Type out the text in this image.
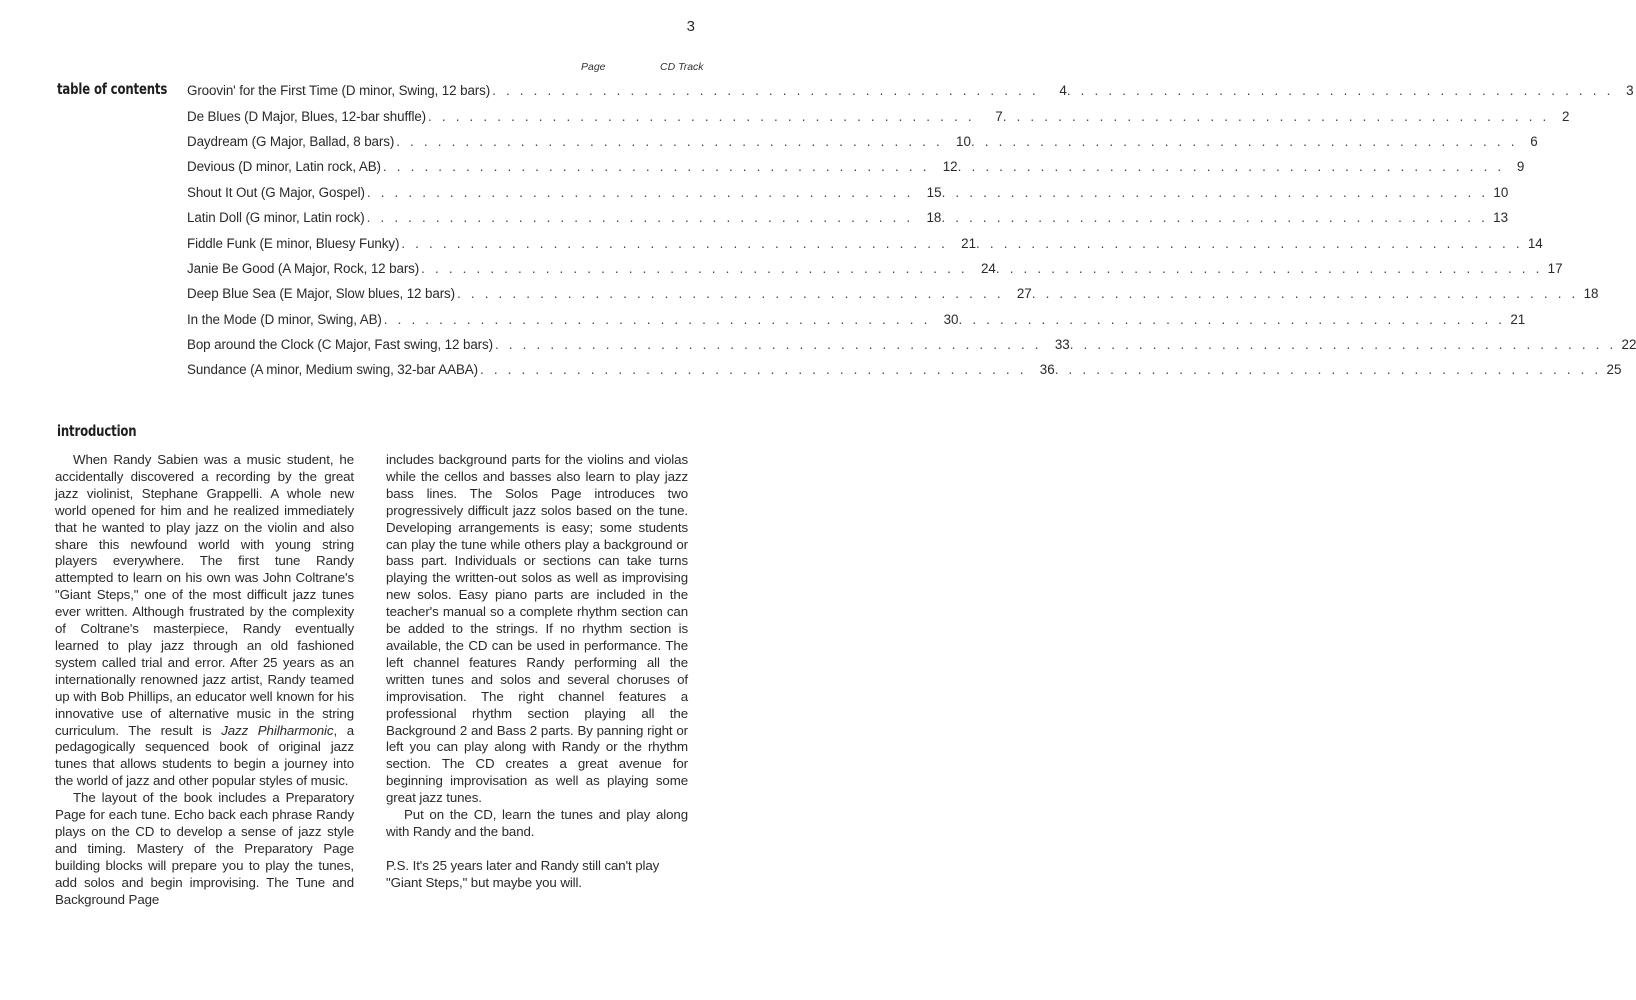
3
Page	CD Track
table of contents Groovin' for the First Time (D minor, Swing, 12 bars) . . . . . . . . . . . . . . . . . . . . . . . . . . . . . . . . . . . . . . . .	4 . . . . . . . . . . . . . . . . . . . . . . . . . . . . . . . . . . . . . . . . 3
De Blues (D Major, Blues, 12-bar shuffle) . . . . . . . . . . . . . . . . . . . . . . . . . . . . . . . . . . . . . . . .	7 . . . . . . . . . . . . . . . . . . . . . . . . . . . . . . . . . . . . . . . . 2
Daydream (G Major, Ballad, 8 bars) . . . . . . . . . . . . . . . . . . . . . . . . . . . . . . . . . . . . . . . . 10 . . . . . . . . . . . . . . . . . . . . . . . . . . . . . . . . . . . . . . . . 6
Devious (D minor, Latin rock, AB) . . . . . . . . . . . . . . . . . . . . . . . . . . . . . . . . . . . . . . . . 12 . . . . . . . . . . . . . . . . . . . . . . . . . . . . . . . . . . . . . . . . 9
Shout It Out (G Major, Gospel) . . . . . . . . . . . . . . . . . . . . . . . . . . . . . . . . . . . . . . . . 15 . . . . . . . . . . . . . . . . . . . . . . . . . . . . . . . . . . . . . . . . 10
Latin Doll (G minor, Latin rock) . . . . . . . . . . . . . . . . . . . . . . . . . . . . . . . . . . . . . . . . 18 . . . . . . . . . . . . . . . . . . . . . . . . . . . . . . . . . . . . . . . . 13
Fiddle Funk (E minor, Bluesy Funky) . . . . . . . . . . . . . . . . . . . . . . . . . . . . . . . . . . . . . . . . 21 . . . . . . . . . . . . . . . . . . . . . . . . . . . . . . . . . . . . . . . . 14
Janie Be Good (A Major, Rock, 12 bars) . . . . . . . . . . . . . . . . . . . . . . . . . . . . . . . . . . . . . . . . 24 . . . . . . . . . . . . . . . . . . . . . . . . . . . . . . . . . . . . . . . . 17
Deep Blue Sea (E Major, Slow blues, 12 bars) . . . . . . . . . . . . . . . . . . . . . . . . . . . . . . . . . . . . . . . . 27 . . . . . . . . . . . . . . . . . . . . . . . . . . . . . . . . . . . . . . . . 18
In the Mode (D minor, Swing, AB) . . . . . . . . . . . . . . . . . . . . . . . . . . . . . . . . . . . . . . . . 30 . . . . . . . . . . . . . . . . . . . . . . . . . . . . . . . . . . . . . . . . 21
Bop around the Clock (C Major, Fast swing, 12 bars) . . . . . . . . . . . . . . . . . . . . . . . . . . . . . . . . . . . . . . . . 33 . . . . . . . . . . . . . . . . . . . . . . . . . . . . . . . . . . . . . . . . 22
Sundance (A minor, Medium swing, 32-bar AABA) . . . . . . . . . . . . . . . . . . . . . . . . . . . . . . . . . . . . . . . . 36 . . . . . . . . . . . . . . . . . . . . . . . . . . . . . . . . . . . . . . . . 25
introduction

When Randy Sabien was a music student, he accidentally discovered a recording by the great jazz violinist, Stephane Grappelli. A whole new world opened for him and he realized immediately that he wanted to play jazz on the violin and also share this newfound world with young string players everywhere. The first tune Randy attempted to learn on his own was John Coltrane's "Giant Steps," one of the most difficult jazz tunes ever written. Although frustrated by the complexity of Coltrane's masterpiece, Randy eventually learned to play jazz through an old fashioned system called trial and error. After 25 years as an internationally renowned jazz artist, Randy teamed up with Bob Phillips, an educator well known for his innovative use of alternative music in the string curriculum. The result is Jazz Philharmonic, a pedagogically sequenced book of original jazz tunes that allows students to begin a journey into the world of jazz and other popular styles of music.

The layout of the book includes a Preparatory Page for each tune. Echo back each phrase Randy plays on the CD to develop a sense of jazz style and timing. Mastery of the Preparatory Page building blocks will prepare you to play the tunes, add solos and begin improvising. The Tune and Background Page

includes background parts for the violins and violas while the cellos and basses also learn to play jazz bass lines. The Solos Page introduces two progressively difficult jazz solos based on the tune. Developing arrangements is easy; some students can play the tune while others play a background or bass part. Individuals or sections can take turns playing the written-out solos as well as improvising new solos. Easy piano parts are included in the teacher's manual so a complete rhythm section can be added to the strings. If no rhythm section is available, the CD can be used in performance. The left channel features Randy performing all the written tunes and solos and several choruses of improvisation. The right channel features a professional rhythm section playing all the Background 2 and Bass 2 parts. By panning right or left you can play along with Randy or the rhythm section. The CD creates a great avenue for beginning improvisation as well as playing some great jazz tunes.

Put on the CD, learn the tunes and play along with Randy and the band.

P.S. It's 25 years later and Randy still can't play "Giant Steps," but maybe you will.
